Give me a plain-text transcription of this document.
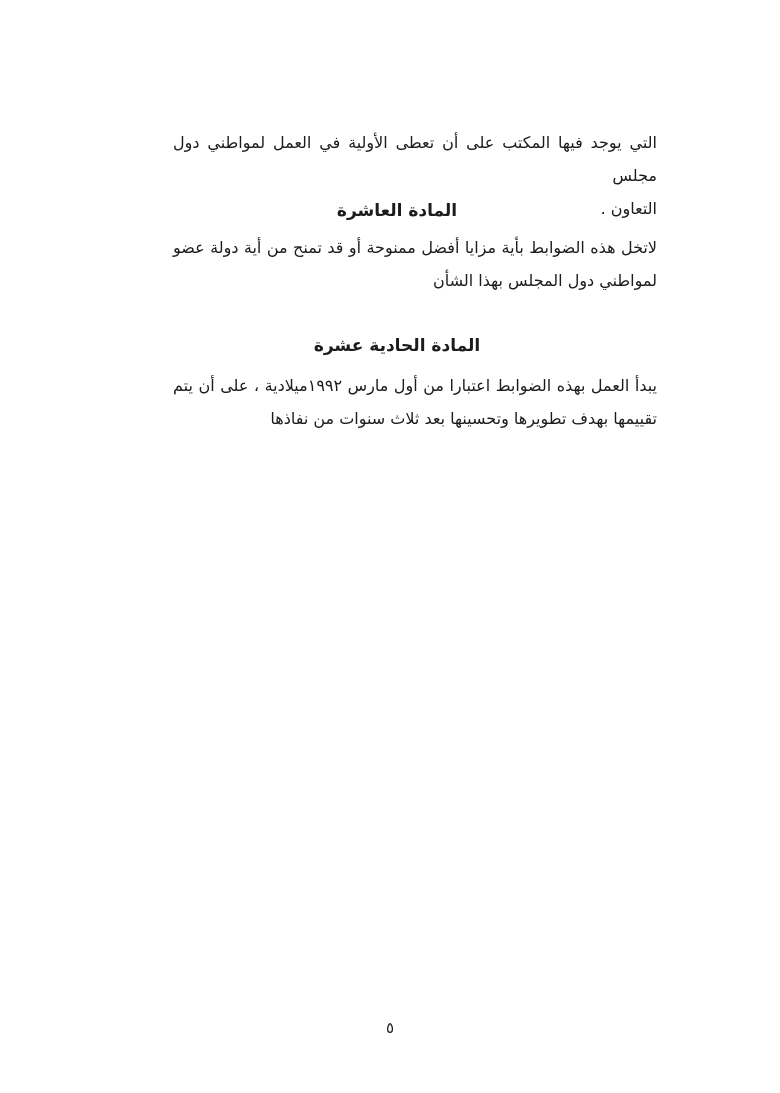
التي يوجد فيها المكتب على أن تعطى الأولية في العمل لمواطني دول مجلس
التعاون .

المادة العاشرة

لاتخل هذه الضوابط بأية مزايا أفضل ممنوحة أو قد تمنح من أية دولة عضو
لمواطني دول المجلس بهذا الشأن

المادة الحادية عشرة

يبدأ العمل بهذه الضوابط اعتبارا من أول مارس ١٩٩٢ميلادية ، على أن يتم
تقييمها بهدف تطويرها وتحسينها بعد ثلاث سنوات من نفاذها

٥
